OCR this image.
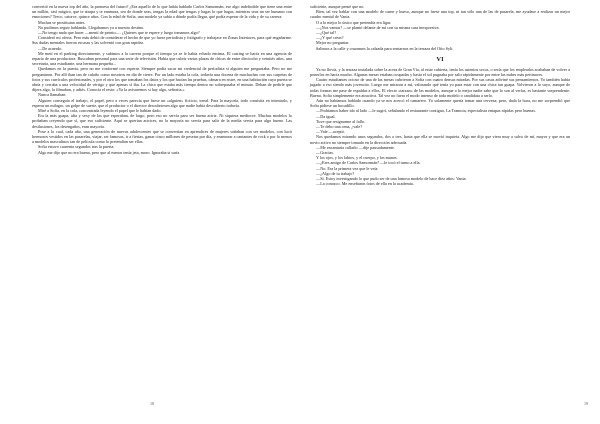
convertió en la nueva top del año, la promesa del futuro? ¿Era aquello de lo que había hablado Carlos Samormán, ese algo indefinible que tiene una entre un millón, casí mágico, que te atrapa y te enamora, sea de donde seas, tengas la edad que tengas y hagas lo que hagas, mientras seas un ser humano con emociones? Treco, catorce, quince años. Con la edad de Sofia, una modelo ya sabía a dónde podía llegar, qué podía esperar de la vida y de su carrera.

Muchas se prostituian antes.

No pudimos seguir hablando. Llegabamos ya a nuestro destino.

—No tengo nada que hacer —mentí de pronto—. ¿Quieres que te espere y luego tomamos algo?

Consideró mi oferta. Pero más debió de considerar el hecho de que yo fuese periodista y fotógrafo y trabajase en Zonas Interiores, para qué engañarme. Sus dudas mentales fueron escasas y las solventó con gran rapidez.

—De acuerdo.

Me metí en el parking directamente, y subimos a la carrera porque el tiempo ya se le había echado encima. El casting se hacía en una agencia de reparto de una productora. Buscaban personal para una serie de televisión. Había que cubrir varias plazas de chicas de entre dieciocho y veintiés años, una secretaria, una estudiante, una hermana pequeña...

Quedamos en la puerta, pero no me conformé con esperar. Siempre podía sacar mi credencial de periodista si alguien me preguntaba. Pero no me preguntaron. Por allí iban tan de culoño como nosotros en día de cierre. Por un lado estaba la cola, todavía una docena de muchachas con sus carpetas de fotos y sus currículos profesionales, y por el otro los que tomaban los datos y los que hacían las pruebas, cámara en ristre, en una habitación cuya puerta se abría y cerraba a una velocidad de vértigo y que apenas sí iba. La chica que estaba más tiempo dentro no sobrepasaba el minuto. Dehan de pedirle que dijera algo, la filmaban, y adiós. Conocía el resto: «Ya la avisaremos si hay algo, señorita.»

Nunca llamaban.

Alguien conseguía el trabajo, el papel, pero a veces parecía que fuese un «alguien» ficticio, irreal. Para la mayoría, todo consistía en intentarlo, y esperar un milagro, un golpe de suerte, que el productor o el director descubriesen algo que nadie había descubierto todavía.

Miré a Sofia, en la cola, concentrada leyendo el papel que le habían dado.

Era la más guapa, alta y sexy de las que esperaban, de largo, pero eso no servía para ser buena actriz. Ni siquiera mediocre. Muchas modelos lo probaban creyendo que sí, que eso suficiente. Aquí se querían actrices, no la mayoría no servía para salir de la media servia para algo bueno. Las desilusiones, los desengaños, eran mayoría.

Pose a lo cual, cada año, una generación de nuevas adolescentes que se convertían en aprendices de mujeres soñaban con ser modelos, con lucir hermosos vestidos en las pasarelas, viajar, ser famosas, ir a fiestas, ganar cinco millones de pesetas por día, y enamorar a cantantes de rock o por lo menos a modelos masculinos tan de película como lo pretendían ser ellas.

Sofia estuvo cuarenta segundos tras la puerta.

Algo me dijo que no era buena, pero que al menos tenía jeta, moro. Ignoraba si saría

18

suficiente, aunque pensé que no.

Bien, tal vez hablar con una modelo de carne y hueso, aunque no fuese una top, ni tan sólo una de las de pasarela, me ayudase a realizar un mejor cuadro mental de Vania.

O a lo mejor lo único que pretendía era ligar.

—¡Nos vamos? —se plantó delante de mí con su misma cara inexpresiva.

—¿Qué tal?

—¿Y qué creas?

Mejor no preguntar.

Salimos a la calle y cruzamos la calzada para sentarnos en la terraza del Otto Sylt.

VI

Ya no llovía, y la terraza instalada sobre la acera de Gran Vía, al estar cubierta, tenía los asientos secos, o sería que los empleados acababan de volver a ponerlos en hacia mucho. Algunas mesas estaban ocupadas y hasta el sol pugnaba por salir rápidamente por entre las nubes más pertinaces.

Cuatro estudiantes ocioso de una de las mesas cubrieron a Sofia con cuatro densas miradas. Por sus casas adiviné sus pensamientos. Yo también había jugado a eso siendo más jovencito. Luego me miraron a mí, valorando qué tenía yo para estar con una chica tan guapa. Volvieron a lo suyo, aunque de todas formas me pase de espaldas a ellos. El efecto «tarzan» de las modelos, aunque a lo mejor nadie sabe que lo son al verlas, es bastante sorprendente. Bueno, Sofia simplemente era atractiva. Tal vez no fuera el modo intenso de toda modelo o candidata a serlo.

Aún no habíamos hablado cuando ya se nos acercó el camarero. Yo solamente quería tomar una cerveza; pero, dada la hora, no me sorprendió que Sofia pidiese un bocadillo.

—Podríamos haber ido al lado —le sugirí, señalando el restaurante contiguo, La Tramoia, especialista entapas rápidas pero buenas.

—Da igual.

Tuve que resignarme al fallo.

—Te debo una cena, ¿vale?

—Vale —aceptó.

Nos quedamos mirando unos segundos, dos o tres, hasta que ella se movió inquieta. Algo me dijo que viera muy a salvo de mí, mayor y que era un novio activo no siempre tomado en la dirección adecuada.

—Me encantaría callarlo —dije pausadamente.

—Gracias.

Y los ojos, y los labios, y el cuerpo, y las manos.

—¿Eres amigo de Carlos Samormán? —le tocó el turno a ella.

—No. Era la primera vez que le veía.

—¿Algo de tu trabajo?

—Sí. Estoy investigando lo que pudo ser de una famosa modelo de hace diez años: Vania.

—La conozco. Me enseñaron fotos de ella en la academia.

19
